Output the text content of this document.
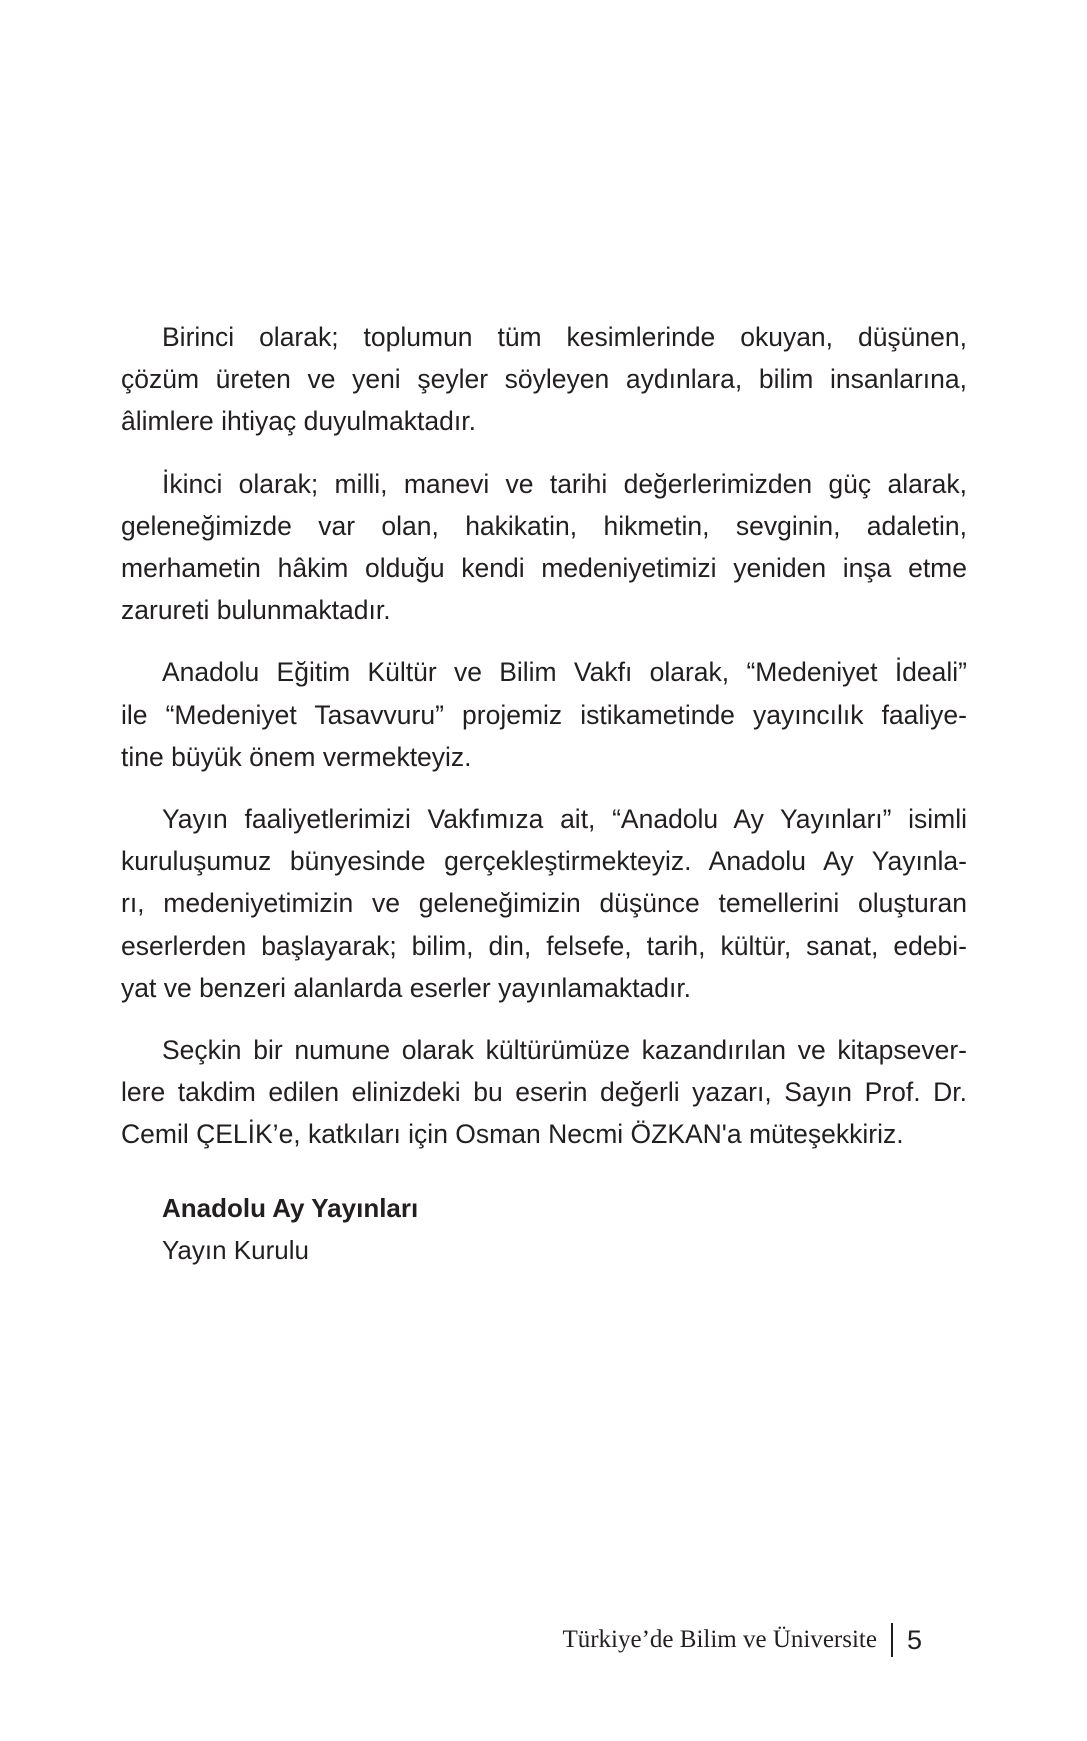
Birinci olarak; toplumun tüm kesimlerinde okuyan, düşünen,
çözüm üreten ve yeni şeyler söyleyen aydınlara, bilim insanlarına,
âlimlere ihtiyaç duyulmaktadır.

İkinci olarak; milli, manevi ve tarihi değerlerimizden güç alarak,
geleneğimizde var olan, hakikatin, hikmetin, sevginin, adaletin,
merhametin hâkim olduğu kendi medeniyetimizi yeniden inşa etme
zarureti bulunmaktadır.

Anadolu Eğitim Kültür ve Bilim Vakfı olarak, “Medeniyet İdeali”
ile “Medeniyet Tasavvuru” projemiz istikametinde yayıncılık faaliye-
tine büyük önem vermekteyiz.

Yayın faaliyetlerimizi Vakfımıza ait, “Anadolu Ay Yayınları” isimli
kuruluşumuz bünyesinde gerçekleştirmekteyiz. Anadolu Ay Yayınla-
rı, medeniyetimizin ve geleneğimizin düşünce temellerini oluşturan
eserlerden başlayarak; bilim, din, felsefe, tarih, kültür, sanat, edebi-
yat ve benzeri alanlarda eserler yayınlamaktadır.

Seçkin bir numune olarak kültürümüze kazandırılan ve kitapsever-
lere takdim edilen elinizdeki bu eserin değerli yazarı, Sayın Prof. Dr.
Cemil ÇELİK’e, katkıları için Osman Necmi ÖZKAN'a müteşekkiriz.

Anadolu Ay Yayınları
Yayın Kurulu
Türkiye’de Bilim ve Üniversite 5
